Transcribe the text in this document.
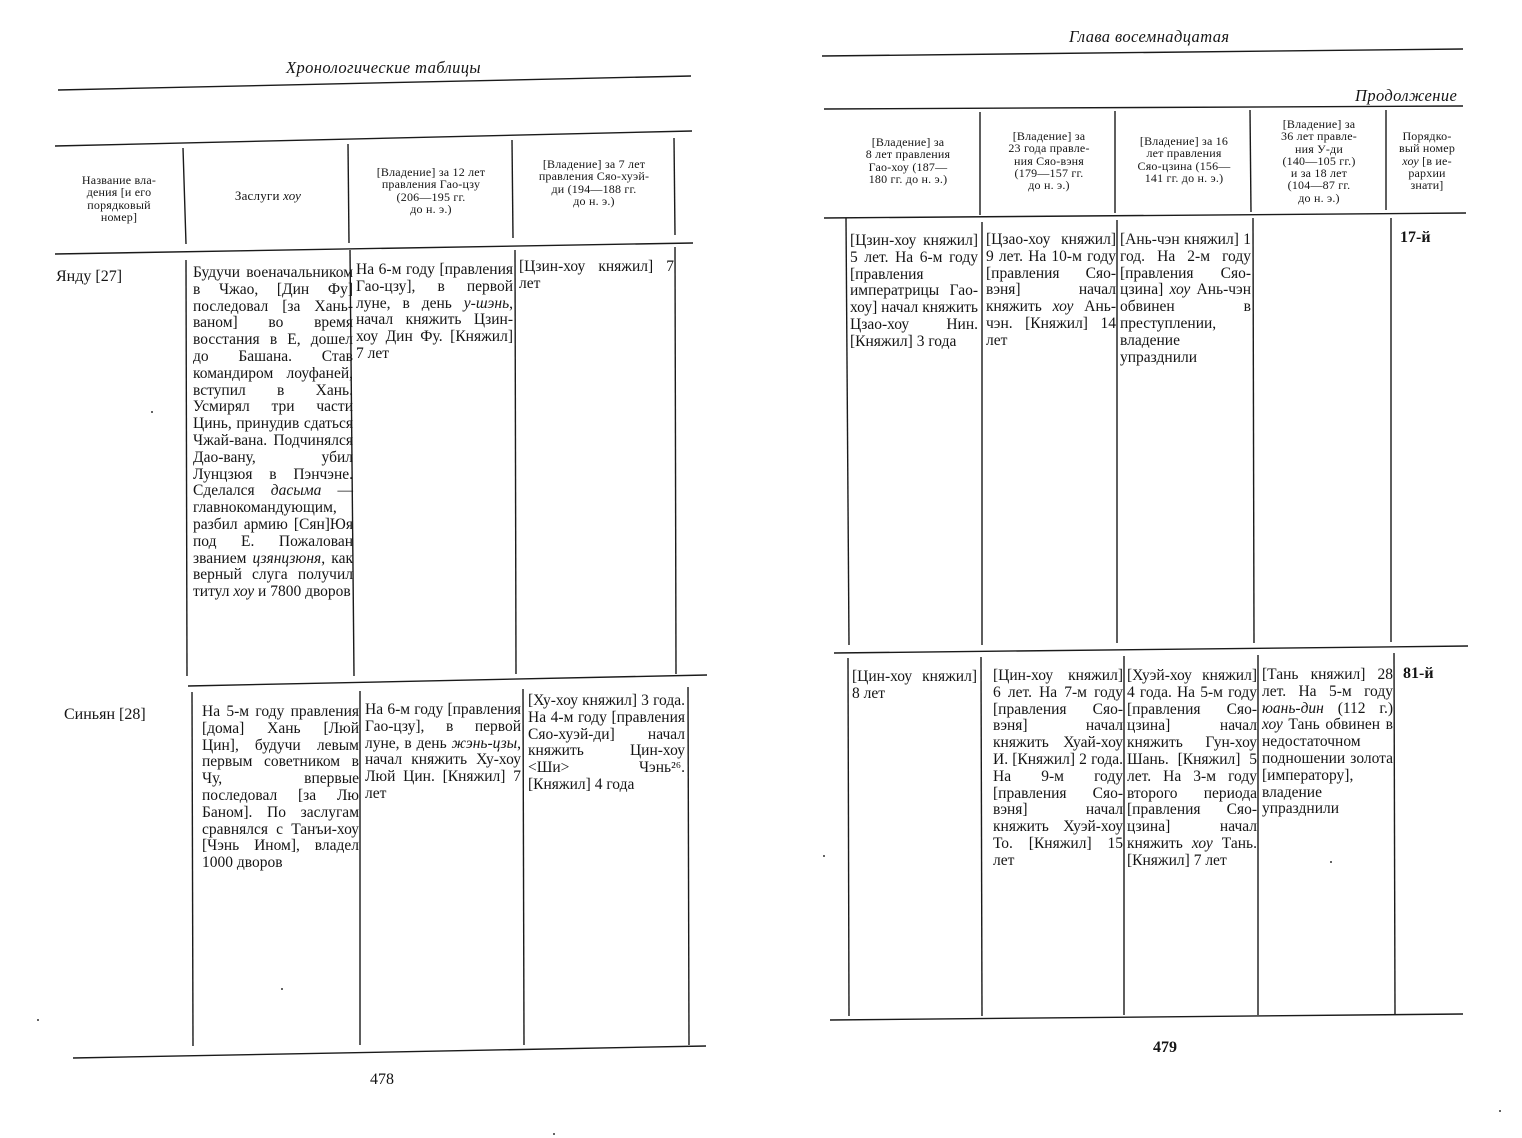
Хронологические таблицы
Название вла-
дения [и его
порядковый
номер]
Заслуги хоу
[Владение] за 12 лет
правления Гао-цзу
(206—195 гг.
до н. э.)
[Владение] за 7 лет
правления Сяо-хуэй-
ди (194—188 гг.
до н. э.)
Янду [27]	Будучи военачальником в Чжао, [Дин Фу] последовал [за Хань-ваном] во время восстания в Е, дошел до Башана. Став командиром лоуфаней, вступил в Хань. Усмирял три части Цинь, принудив сдаться Чжай-вана. Подчинялся Дао-вану, убил Лунцзюя в Пэнчэне. Сделался дасыма — главнокомандующим, разбил армию [Сян]Юя под Е. Пожалован званием цзянцзюня, как верный слуга получил титул хоу и 7800 дворов
На 6-м году [правления Гао-цзу], в первой луне, в день у-шэнь, начал княжить Цзин-хоу Дин Фу. [Княжил] 7 лет
[Цзин-хоу княжил] 7 лет
Синьян [28]	На 5-м году правления [дома] Хань [Люй Цин], будучи левым первым советником в Чу, впервые последовал [за Лю Баном]. По заслугам сравнялся с Танъи-хоу [Чэнь Ином], владел 1000 дворов
На 6-м году [правления Гао-цзу], в первой луне, в день жэнь-цзы, начал княжить Ху-хоу Люй Цин. [Княжил] 7 лет
[Ху-хоу княжил] 3 года. На 4-м году [правления Сяо-хуэй-ди] начал княжить Цин-хоу <Ши> Чэнь²⁶. [Княжил] 4 года
478
Глава восемнадцатая
Продолжение
[Владение] за
8 лет правления
Гао-хоу (187—
180 гг. до н. э.)
[Владение] за
23 года правле-
ния Сяо-вэня
(179—157 гг.
до н. э.)
[Владение] за 16
лет правления
Сяо-цзина (156—
141 гг. до н. э.)
[Владение] за
36 лет правле-
ния У-ди
(140—105 гг.)
и за 18 лет
(104—87 гг.
до н. э.)
Порядко-
вый номер
хоу [в ие-
рархии
знати]
[Цзин-хоу княжил] 5 лет. На 6-м году [правления императрицы Гао-хоу] начал княжить Цзао-хоу Нин. [Княжил] 3 года
[Цзао-хоу княжил] 9 лет. На 10-м году [правления Сяо-вэня] начал княжить хоу Ань-чэн. [Княжил] 14 лет
[Ань-чэн княжил] 1 год. На 2-м году [правления Сяо-цзина] хоу Ань-чэн обвинен в преступлении, владение упразднили
17-й
[Цин-хоу княжил] 8 лет
[Цин-хоу княжил] 6 лет. На 7-м году [правления Сяо-вэня] начал княжить Хуай-хоу И. [Княжил] 2 года. На 9-м году [правления Сяо-вэня] начал княжить Хуэй-хоу То. [Княжил] 15 лет
[Хуэй-хоу княжил] 4 года. На 5-м году [правления Сяо-цзина] начал княжить Гун-хоу Шань. [Княжил] 5 лет. На 3-м году второго периода [правления Сяо-цзина] начал княжить хоу Тань. [Княжил] 7 лет
[Тань княжил] 28 лет. На 5-м году юань-дин (112 г.) хоу Тань обвинен в недостаточном подношении золота [императору], владение упразднили
81-й
479
